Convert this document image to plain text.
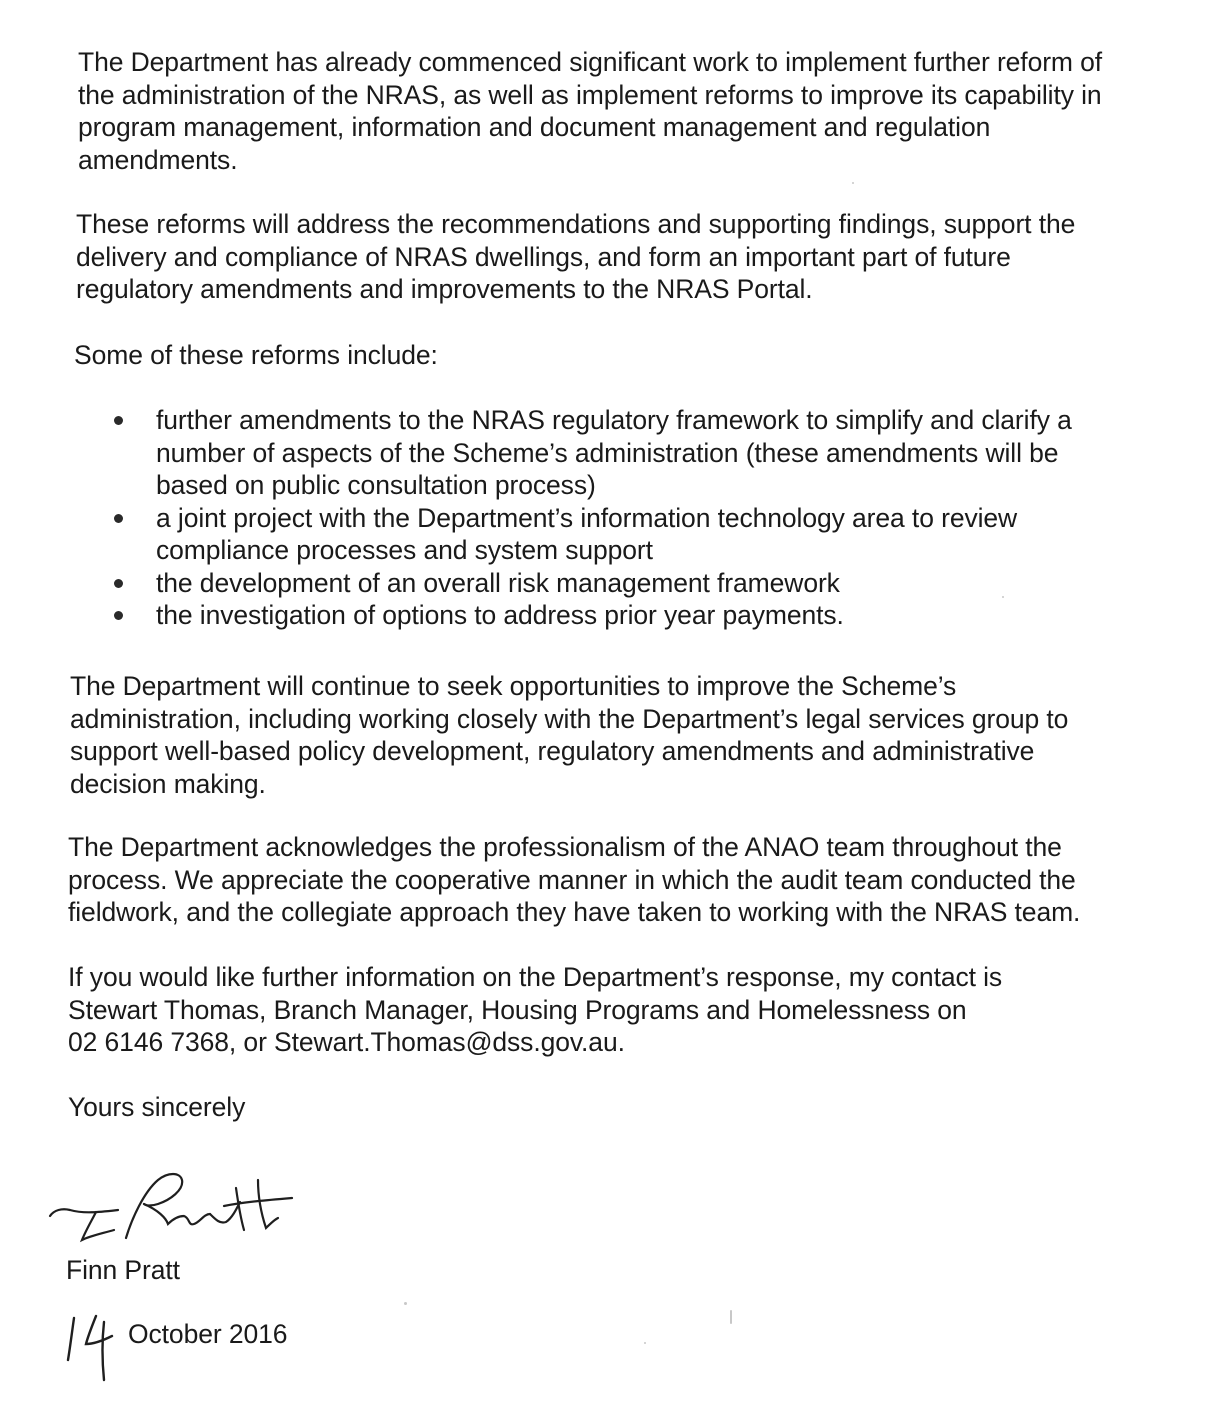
The Department has already commenced significant work to implement further reform of
the administration of the NRAS, as well as implement reforms to improve its capability in
program management, information and document management and regulation
amendments.

These reforms will address the recommendations and supporting findings, support the
delivery and compliance of NRAS dwellings, and form an important part of future
regulatory amendments and improvements to the NRAS Portal.

Some of these reforms include:

further amendments to the NRAS regulatory framework to simplify and clarify a
number of aspects of the Scheme’s administration (these amendments will be
based on public consultation process)
a joint project with the Department’s information technology area to review
compliance processes and system support
the development of an overall risk management framework
the investigation of options to address prior year payments.

The Department will continue to seek opportunities to improve the Scheme’s
administration, including working closely with the Department’s legal services group to
support well-based policy development, regulatory amendments and administrative
decision making.

The Department acknowledges the professionalism of the ANAO team throughout the
process. We appreciate the cooperative manner in which the audit team conducted the
fieldwork, and the collegiate approach they have taken to working with the NRAS team.

If you would like further information on the Department’s response, my contact is
Stewart Thomas, Branch Manager, Housing Programs and Homelessness on
02 6146 7368, or Stewart.Thomas@dss.gov.au.

Yours sincerely

Finn Pratt

October 2016
